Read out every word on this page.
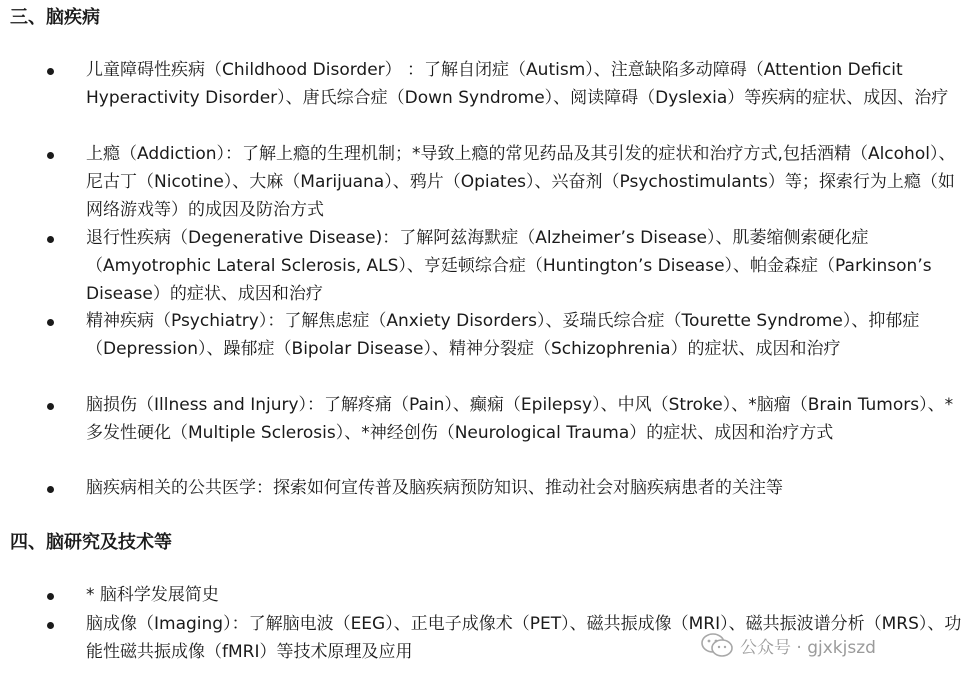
三、脑疾病
儿童障碍性疾病（Childhood Disorder） ：了解自闭症（Autism）、注意缺陷多动障碍（Attention Deficit Hyperactivity Disorder）、唐氏综合症（Down Syndrome）、阅读障碍（Dyslexia）等疾病的症状、成因、治疗
上瘾（Addiction）：了解上瘾的生理机制；*导致上瘾的常见药品及其引发的症状和治疗方式,包括酒精（Alcohol）、尼古丁（Nicotine）、大麻（Marijuana）、鸦片（Opiates）、兴奋剂（Psychostimulants）等；探索行为上瘾（如网络游戏等）的成因及防治方式
退行性疾病（Degenerative Disease)：了解阿兹海默症（Alzheimer’s Disease）、肌萎缩侧索硬化症（Amyotrophic Lateral Sclerosis, ALS）、亨廷顿综合症（Huntington’s Disease）、帕金森症（Parkinson’s Disease）的症状、成因和治疗
精神疾病（Psychiatry）：了解焦虑症（Anxiety Disorders）、妥瑞氏综合症（Tourette Syndrome）、抑郁症（Depression）、躁郁症（Bipolar Disease）、精神分裂症（Schizophrenia）的症状、成因和治疗
脑损伤（Illness and Injury）：了解疼痛（Pain）、癫痫（Epilepsy）、中风（Stroke）、*脑瘤（Brain Tumors）、*多发性硬化（Multiple Sclerosis）、*神经创伤（Neurological Trauma）的症状、成因和治疗方式
脑疾病相关的公共医学：探索如何宣传普及脑疾病预防知识、推动社会对脑疾病患者的关注等
四、脑研究及技术等
* 脑科学发展简史
脑成像（Imaging）：了解脑电波（EEG）、正电子成像术（PET）、磁共振成像（MRI）、磁共振波谱分析（MRS）、功能性磁共振成像（fMRI）等技术原理及应用	公众号 · gjxkjszd
